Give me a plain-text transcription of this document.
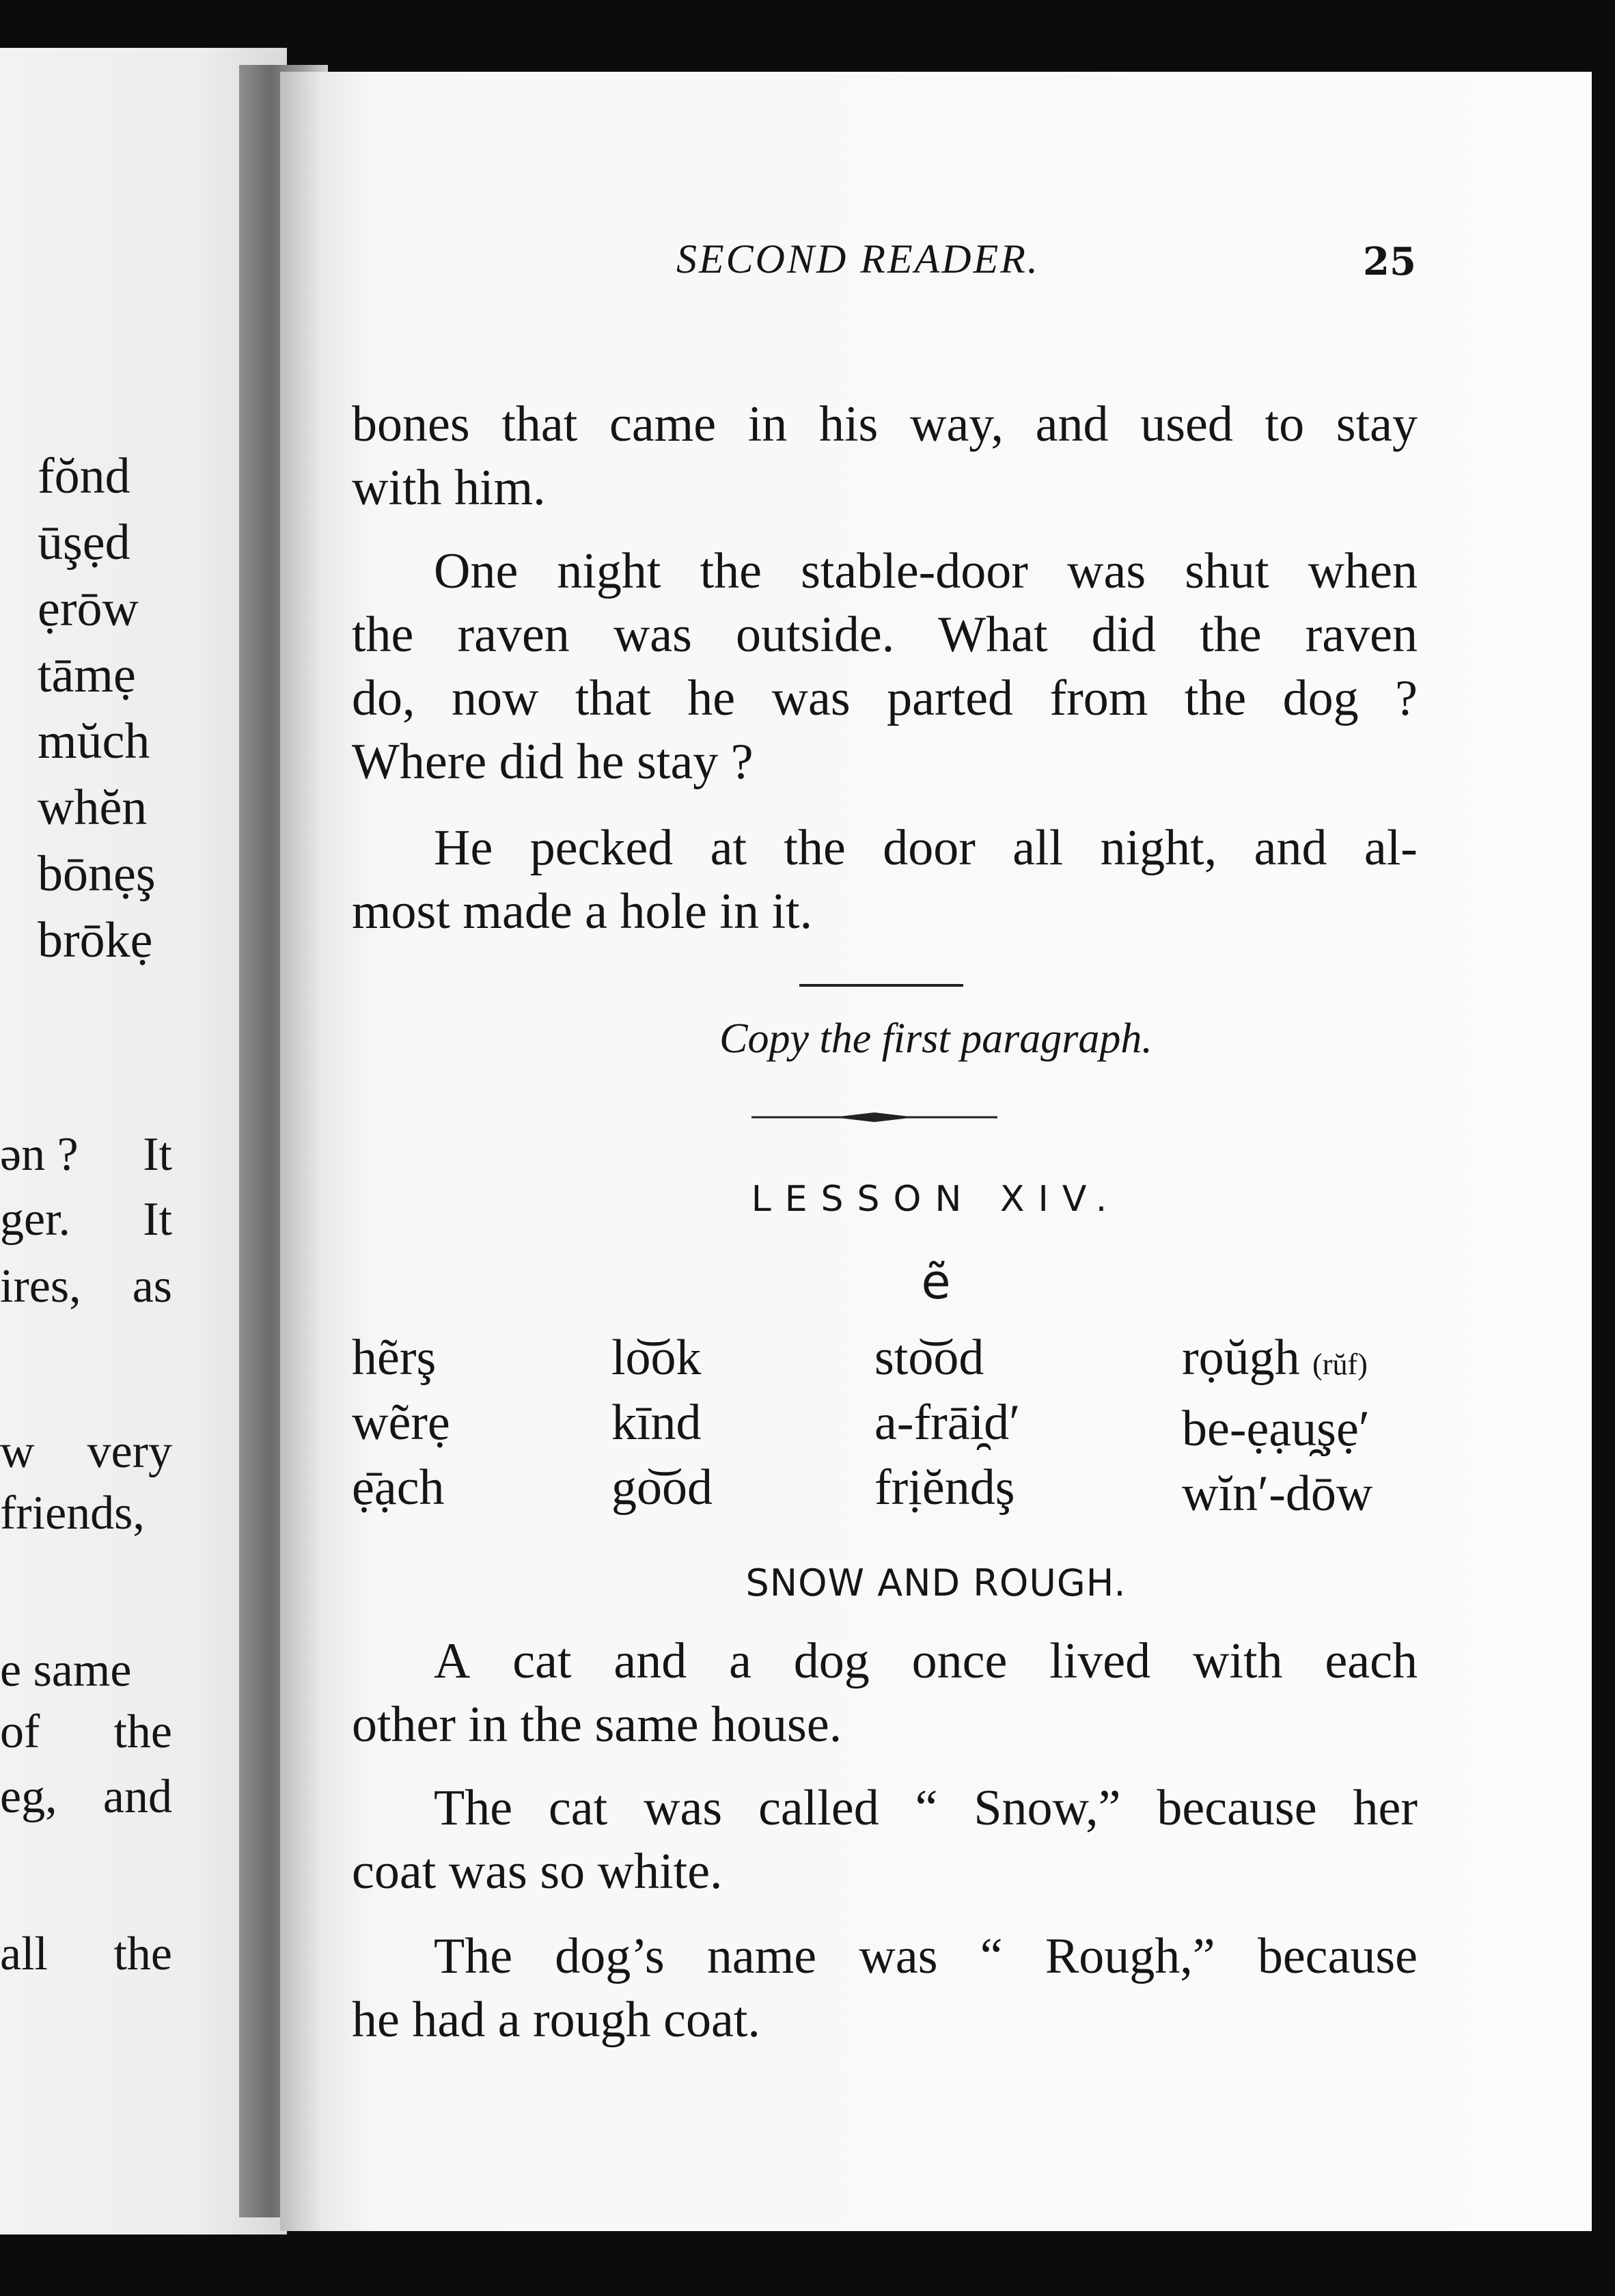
fŏnd
ūşẹd
ẹrōw
tāmẹ
mŭch
whĕn
bōnẹş
brōkẹ
ən ? It
ger. It
ires, as
w very
friends,
e same
of the
eg, and
all the
SECOND READER.	25
bones that came in his way, and used to stay
with him.
One night the stable-door was shut when
the raven was outside. What did the raven
do, now that he was parted from the dog ?
Where did he stay ?
He pecked at the door all night, and al-
most made a hole in it.
Copy the first paragraph.
LESSON XIV.
ẽ
hẽrş
wẽrẹ
ẹ̄ạch
lo͝ok
kīnd
go͝od
sto͝od
a-frāi̯d′
frịĕndş
rọŭgh (rŭf)
be-ẹạu̯şẹ′
wĭn′-dōw
SNOW AND ROUGH.
A cat and a dog once lived with each
other in the same house.
The cat was called “ Snow,” because her
coat was so white.
The dog’s name was “ Rough,” because
he had a rough coat.
